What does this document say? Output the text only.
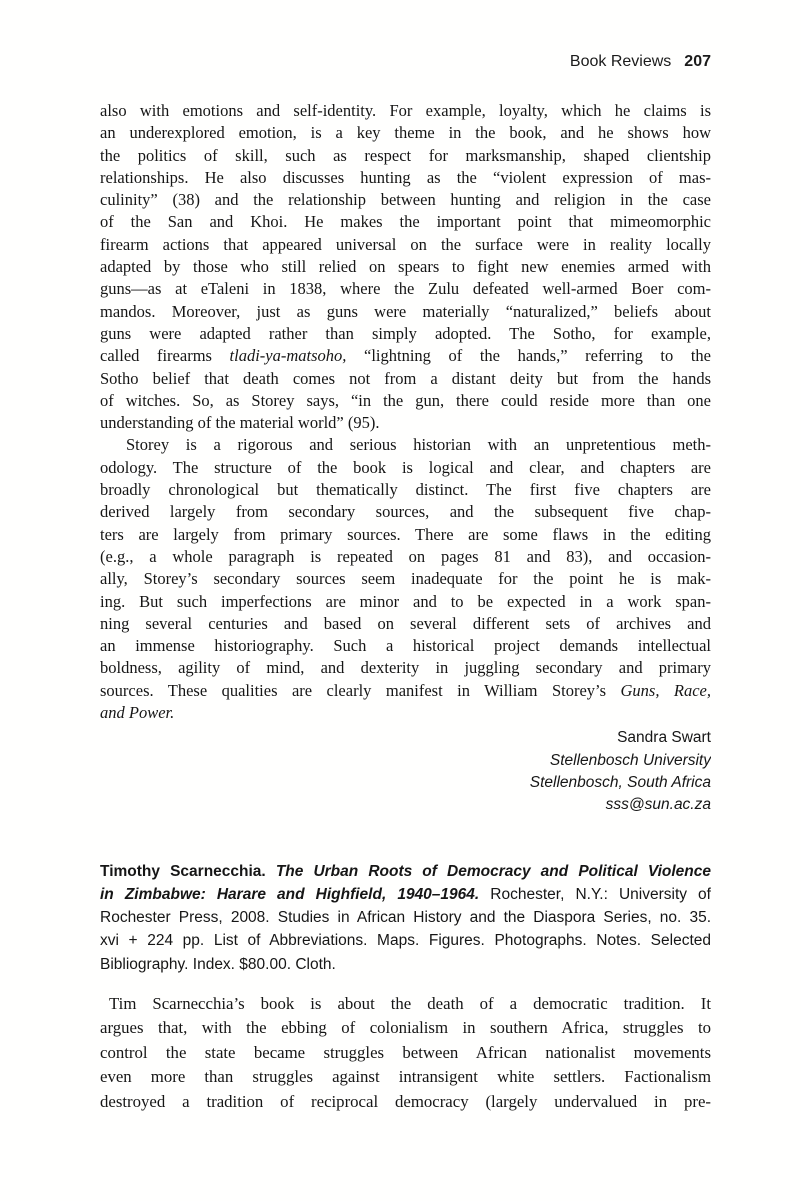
Book Reviews 207
also with emotions and self-identity. For example, loyalty, which he claims is
an underexplored emotion, is a key theme in the book, and he shows how
the politics of skill, such as respect for marksmanship, shaped clientship
relationships. He also discusses hunting as the “violent expression of mas-
culinity” (38) and the relationship between hunting and religion in the case
of the San and Khoi. He makes the important point that mimeomorphic
firearm actions that appeared universal on the surface were in reality locally
adapted by those who still relied on spears to fight new enemies armed with
guns—as at eTaleni in 1838, where the Zulu defeated well-armed Boer com-
mandos. Moreover, just as guns were materially “naturalized,” beliefs about
guns were adapted rather than simply adopted. The Sotho, for example,
called firearms tladi-ya-matsoho, “lightning of the hands,” referring to the
Sotho belief that death comes not from a distant deity but from the hands
of witches. So, as Storey says, “in the gun, there could reside more than one
understanding of the material world” (95).
Storey is a rigorous and serious historian with an unpretentious meth-
odology. The structure of the book is logical and clear, and chapters are
broadly chronological but thematically distinct. The first five chapters are
derived largely from secondary sources, and the subsequent five chap-
ters are largely from primary sources. There are some flaws in the editing
(e.g., a whole paragraph is repeated on pages 81 and 83), and occasion-
ally, Storey’s secondary sources seem inadequate for the point he is mak-
ing. But such imperfections are minor and to be expected in a work span-
ning several centuries and based on several different sets of archives and
an immense historiography. Such a historical project demands intellectual
boldness, agility of mind, and dexterity in juggling secondary and primary
sources. These qualities are clearly manifest in William Storey’s Guns, Race,
and Power.
Sandra Swart
Stellenbosch University
Stellenbosch, South Africa
sss@sun.ac.za
Timothy Scarnecchia. The Urban Roots of Democracy and Political Violence
in Zimbabwe: Harare and Highfield, 1940–1964. Rochester, N.Y.: University of
Rochester Press, 2008. Studies in African History and the Diaspora Series, no. 35.
xvi + 224 pp. List of Abbreviations. Maps. Figures. Photographs. Notes. Selected
Bibliography. Index. $80.00. Cloth.
Tim Scarnecchia’s book is about the death of a democratic tradition. It
argues that, with the ebbing of colonialism in southern Africa, struggles to
control the state became struggles between African nationalist movements
even more than struggles against intransigent white settlers. Factionalism
destroyed a tradition of reciprocal democracy (largely undervalued in pre-
